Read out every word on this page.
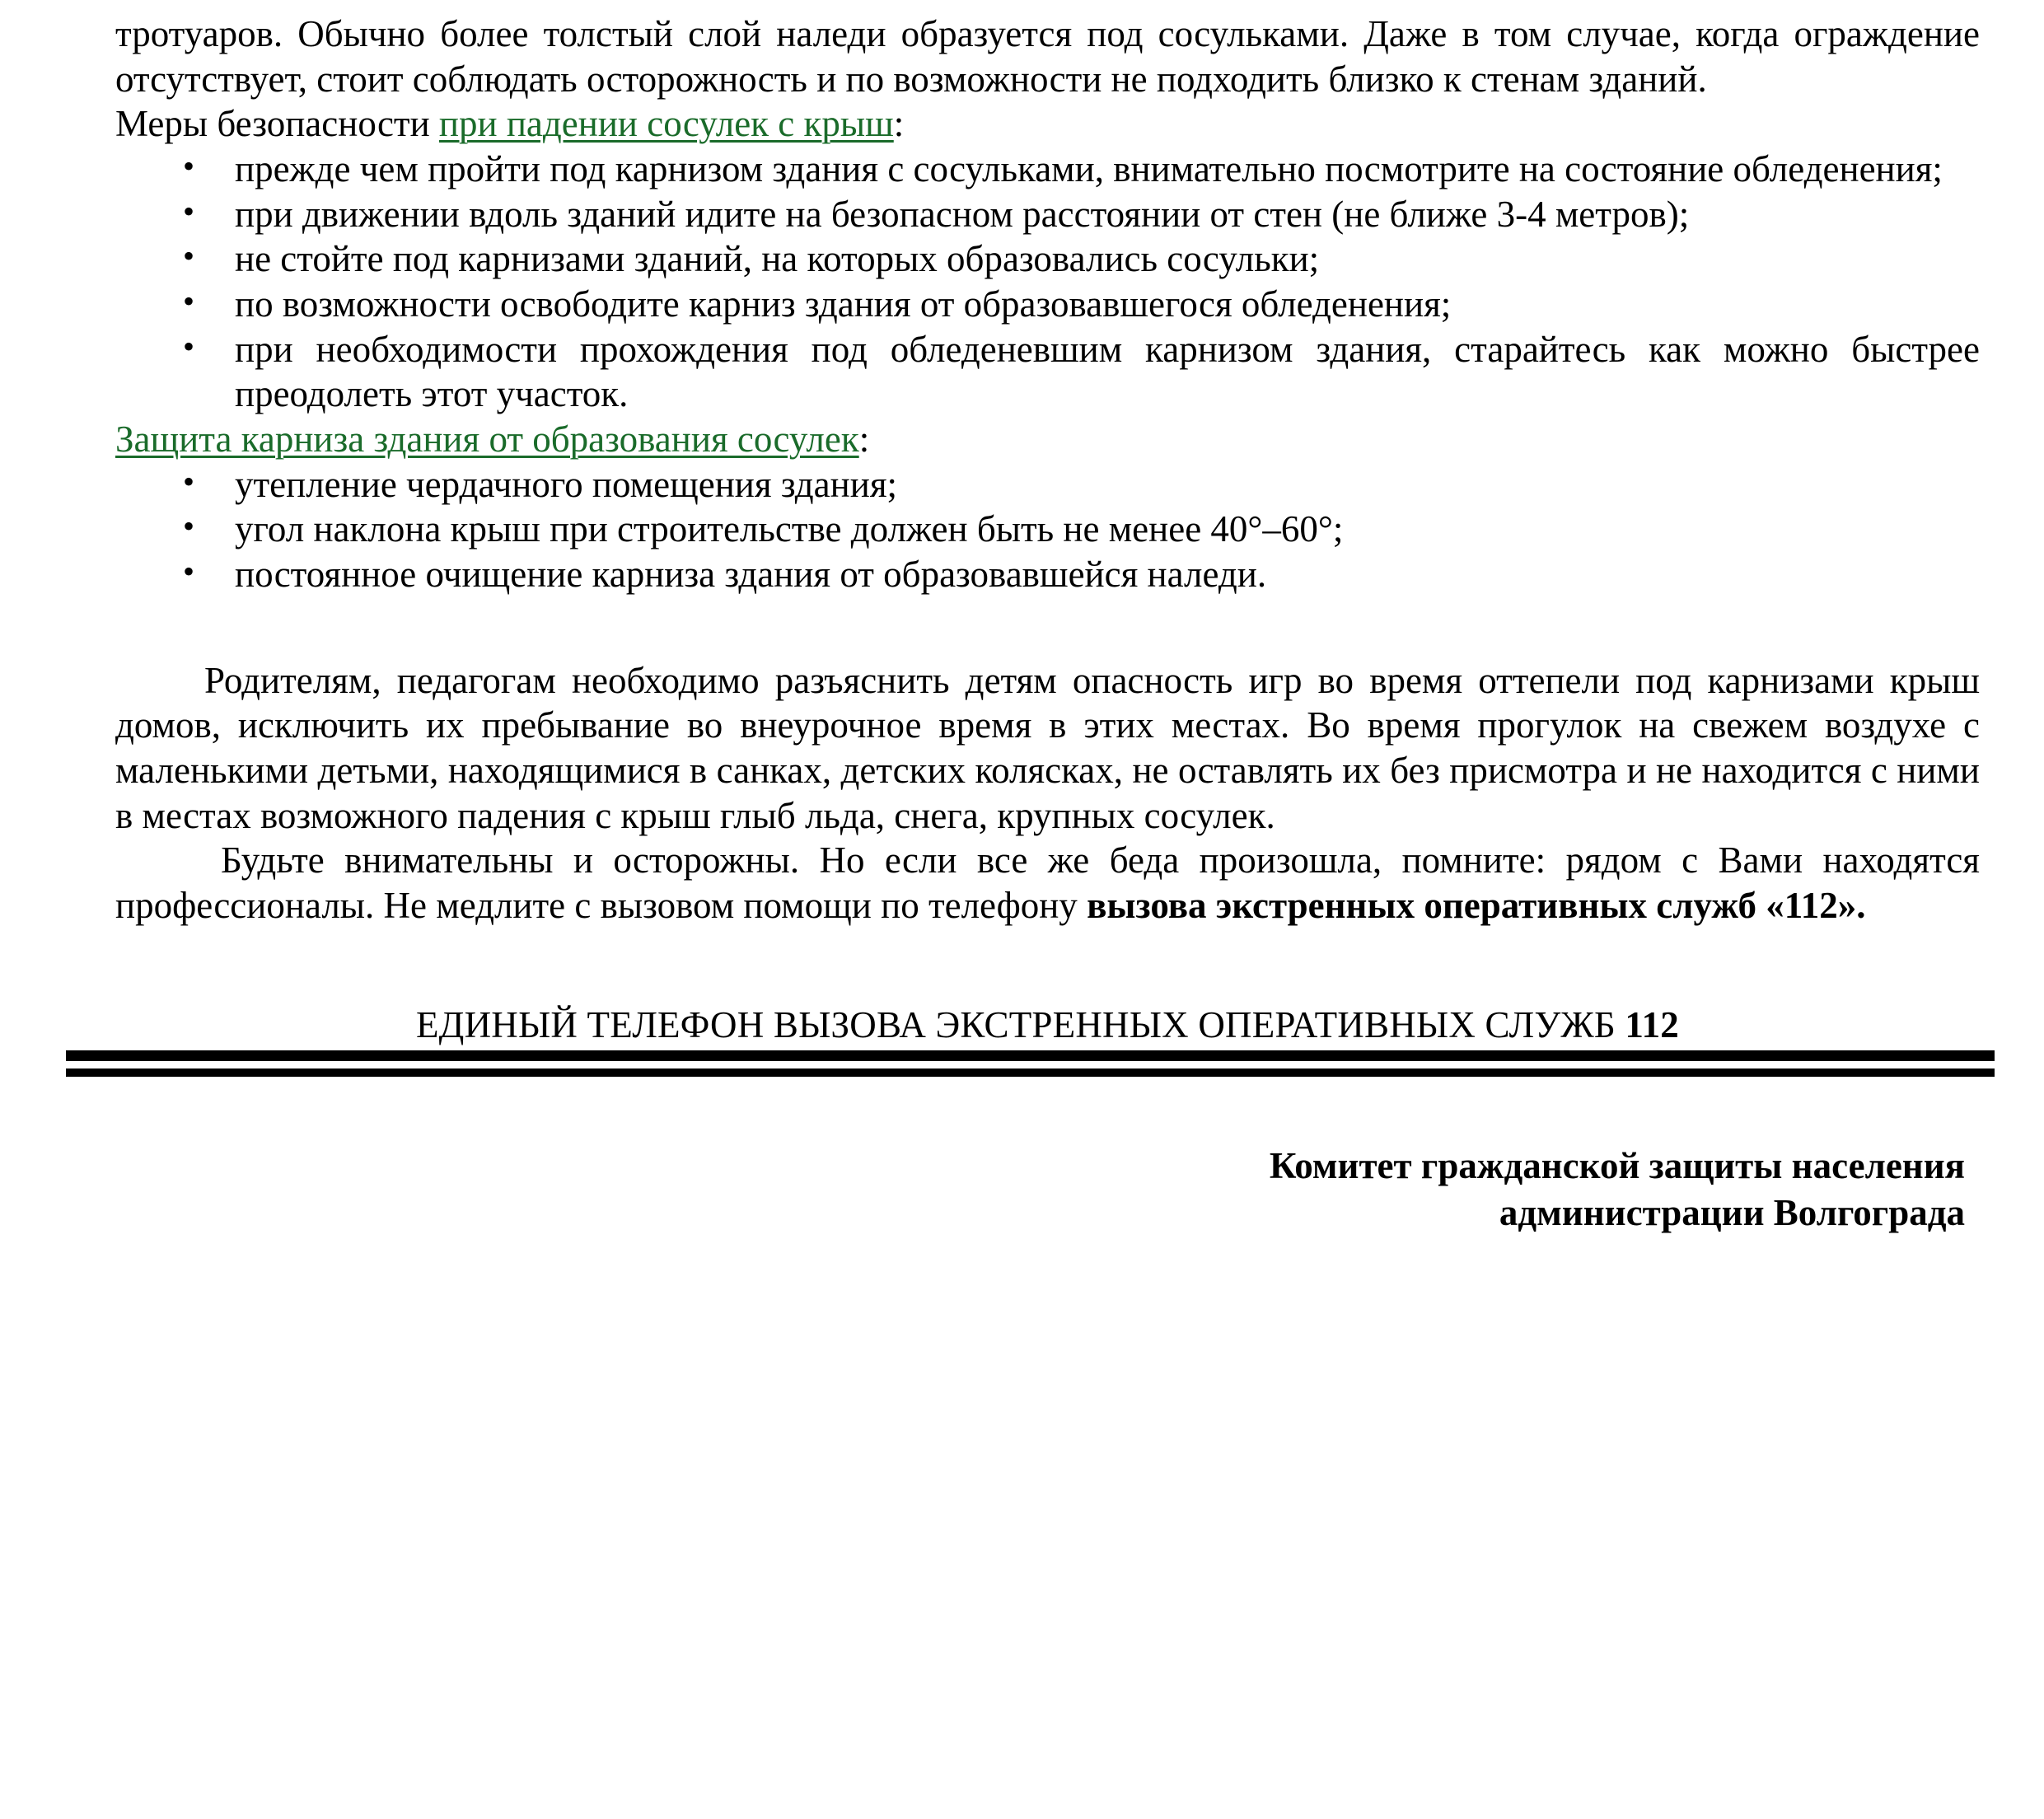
тротуаров. Обычно более толстый слой наледи образуется под сосульками. Даже в том случае, когда ограждение отсутствует, стоит соблюдать осторожность и по возможности не подходить близко к стенам зданий.

Меры безопасности при падении сосулек с крыш:

• прежде чем пройти под карнизом здания с сосульками, внимательно посмотрите на состояние обледенения;
• при движении вдоль зданий идите на безопасном расстоянии от стен (не ближе 3-4 метров);
• не стойте под карнизами зданий, на которых образовались сосульки;
• по возможности освободите карниз здания от образовавшегося обледенения;
• при необходимости прохождения под обледеневшим карнизом здания, старайтесь как можно быстрее преодолеть этот участок.

Защита карниза здания от образования сосулек:

• утепление чердачного помещения здания;
• угол наклона крыш при строительстве должен быть не менее 40°–60°;
• постоянное очищение карниза здания от образовавшейся наледи.

Родителям, педагогам необходимо разъяснить детям опасность игр во время оттепели под карнизами крыш домов, исключить их пребывание во внеурочное время в этих местах. Во время прогулок на свежем воздухе с маленькими детьми, находящимися в санках, детских колясках, не оставлять их без присмотра и не находится с ними в местах возможного падения с крыш глыб льда, снега, крупных сосулек.

Будьте внимательны и осторожны. Но если все же беда произошла, помните: рядом с Вами находятся профессионалы. Не медлите с вызовом помощи по телефону вызова экстренных оперативных служб «112».

ЕДИНЫЙ ТЕЛЕФОН ВЫЗОВА ЭКСТРЕННЫХ ОПЕРАТИВНЫХ СЛУЖБ 112
Комитет гражданской защиты населения
администрации Волгограда
